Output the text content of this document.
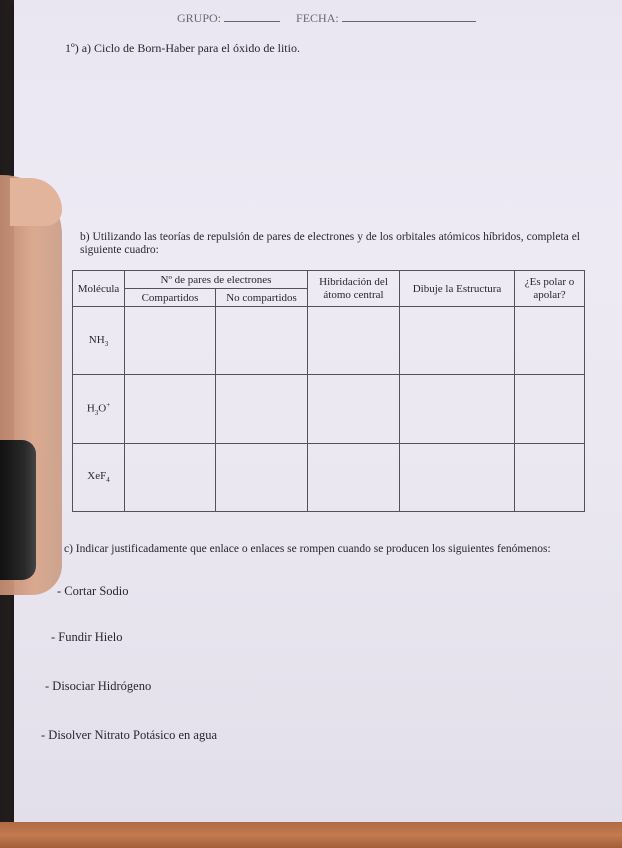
GRUPO:	FECHA:
1º) a) Ciclo de Born-Haber para el óxido de litio.
b) Utilizando las teorías de repulsión de pares de electrones y de los orbitales atómicos híbridos, completa el siguiente cuadro:
Molécula	Nº de pares de electrones		Hibridación del átomo central	Dibuje la Estructura	¿Es polar o apolar?
	Compartidos	No compartidos			
$NH_3$					
$H_3O^+$					
XeF$_4$					
c) Indicar justificadamente que enlace o enlaces se rompen cuando se producen los siguientes fenómenos:
- Cortar Sodio
- Fundir Hielo
- Disociar Hidrógeno
- Disolver Nitrato Potásico en agua
